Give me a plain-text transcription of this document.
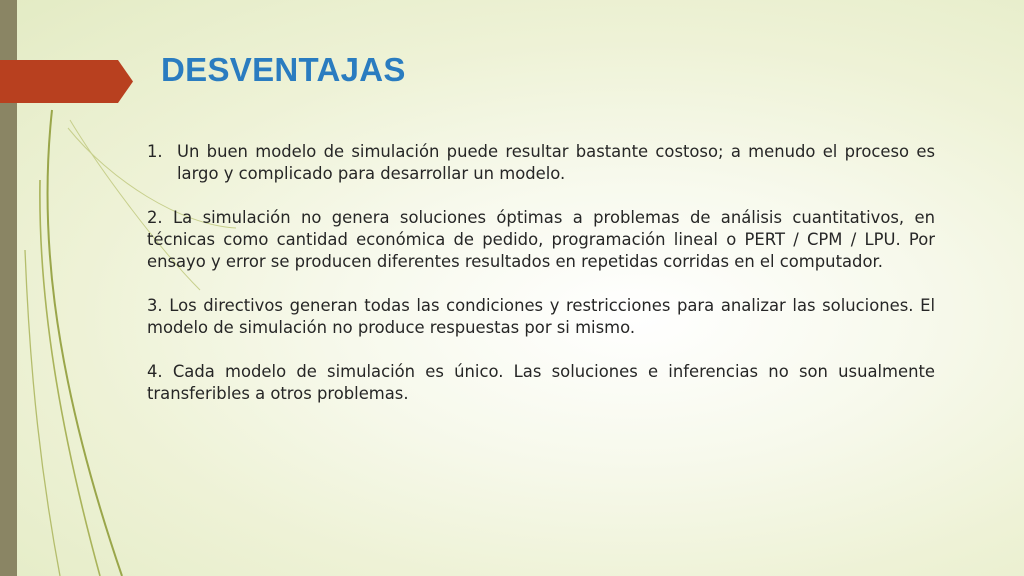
DESVENTAJAS
1. Un buen modelo de simulación puede resultar bastante costoso; a menudo el proceso es largo y complicado para desarrollar un modelo.

2. La simulación no genera soluciones óptimas a problemas de análisis cuantitativos, en técnicas como cantidad económica de pedido, programación lineal o PERT / CPM / LPU. Por ensayo y error se producen diferentes resultados en repetidas corridas en el computador.

3. Los directivos generan todas las condiciones y restricciones para analizar las soluciones. El modelo de simulación no produce respuestas por si mismo.

4. Cada modelo de simulación es único. Las soluciones e inferencias no son usualmente transferibles a otros problemas.
